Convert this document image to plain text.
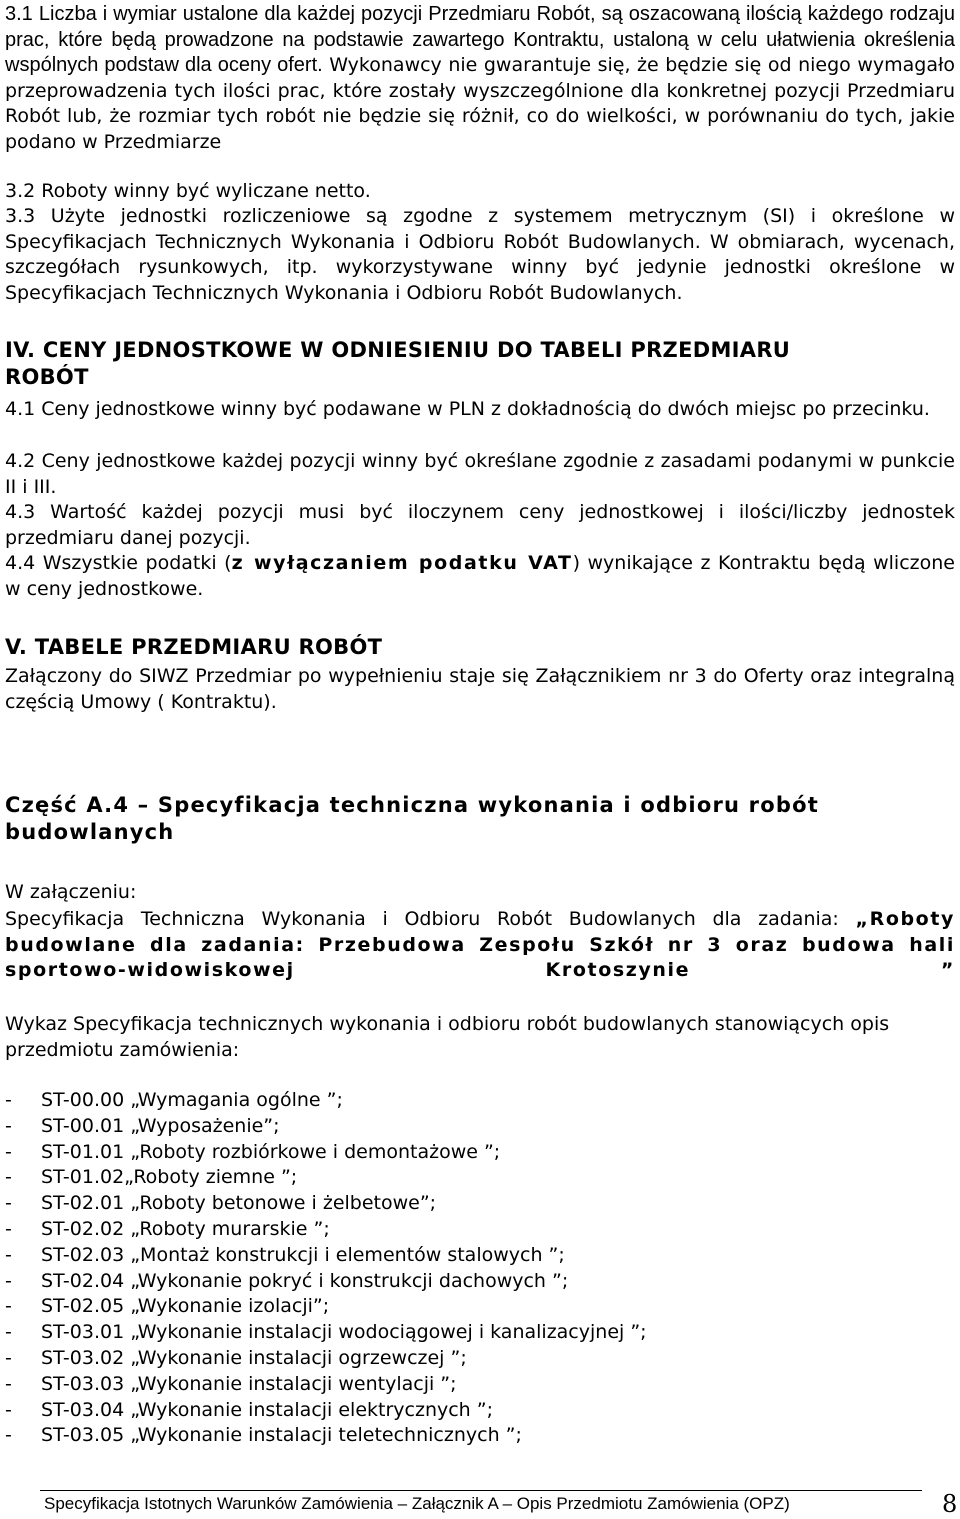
3.1 Liczba i wymiar ustalone dla każdej pozycji Przedmiaru Robót, są oszacowaną ilością każdego rodzaju prac, które będą prowadzone na podstawie zawartego Kontraktu, ustaloną w celu ułatwienia określenia wspólnych podstaw dla oceny ofert. Wykonawcy nie gwarantuje się, że będzie się od niego wymagało przeprowadzenia tych ilości prac, które zostały wyszczególnione dla konkretnej pozycji Przedmiaru Robót lub, że rozmiar tych robót nie będzie się różnił, co do wielkości, w porównaniu do tych, jakie podano w Przedmiarze
3.2 Roboty winny być wyliczane netto.
3.3 Użyte jednostki rozliczeniowe są zgodne z systemem metrycznym (SI) i określone w Specyfikacjach Technicznych Wykonania i Odbioru Robót Budowlanych. W obmiarach, wycenach, szczegółach rysunkowych, itp. wykorzystywane winny być jedynie jednostki określone w Specyfikacjach Technicznych Wykonania i Odbioru Robót Budowlanych.
IV. CENY JEDNOSTKOWE W ODNIESIENIU DO TABELI PRZEDMIARU ROBÓT
4.1 Ceny jednostkowe winny być podawane w PLN z dokładnością do dwóch miejsc po przecinku.
4.2 Ceny jednostkowe każdej pozycji winny być określane zgodnie z zasadami podanymi w punkcie II i III.
4.3 Wartość każdej pozycji musi być iloczynem ceny jednostkowej i ilości/liczby jednostek przedmiaru danej pozycji.
4.4 Wszystkie podatki (z wyłączaniem podatku VAT) wynikające z Kontraktu będą wliczone w ceny jednostkowe.
V. TABELE PRZEDMIARU ROBÓT
Załączony do SIWZ Przedmiar po wypełnieniu staje się Załącznikiem nr 3 do Oferty oraz integralną częścią Umowy ( Kontraktu).
Część A.4 – Specyfikacja techniczna wykonania i odbioru robót budowlanych
W załączeniu:
Specyfikacja Techniczna Wykonania i Odbioru Robót Budowlanych dla zadania: „Roboty budowlane dla zadania: Przebudowa Zespołu Szkół nr 3 oraz budowa hali sportowo-widowiskowej Krotoszynie ”
Wykaz Specyfikacja technicznych wykonania i odbioru robót budowlanych stanowiących opis przedmiotu zamówienia:
- ST-00.00 „Wymagania ogólne ”;
- ST-00.01 „Wyposażenie”;
- ST-01.01 „Roboty rozbiórkowe i demontażowe ”;
- ST-01.02„Roboty ziemne ”;
- ST-02.01 „Roboty betonowe i żelbetowe”;
- ST-02.02 „Roboty murarskie ”;
- ST-02.03 „Montaż konstrukcji i elementów stalowych ”;
- ST-02.04 „Wykonanie pokryć i konstrukcji dachowych ”;
- ST-02.05 „Wykonanie izolacji”;
- ST-03.01 „Wykonanie instalacji wodociągowej i kanalizacyjnej ”;
- ST-03.02 „Wykonanie instalacji ogrzewczej ”;
- ST-03.03 „Wykonanie instalacji wentylacji ”;
- ST-03.04 „Wykonanie instalacji elektrycznych ”;
- ST-03.05 „Wykonanie instalacji teletechnicznych ”;
Specyfikacja Istotnych Warunków Zamówienia – Załącznik A – Opis Przedmiotu Zamówienia (OPZ)	8
